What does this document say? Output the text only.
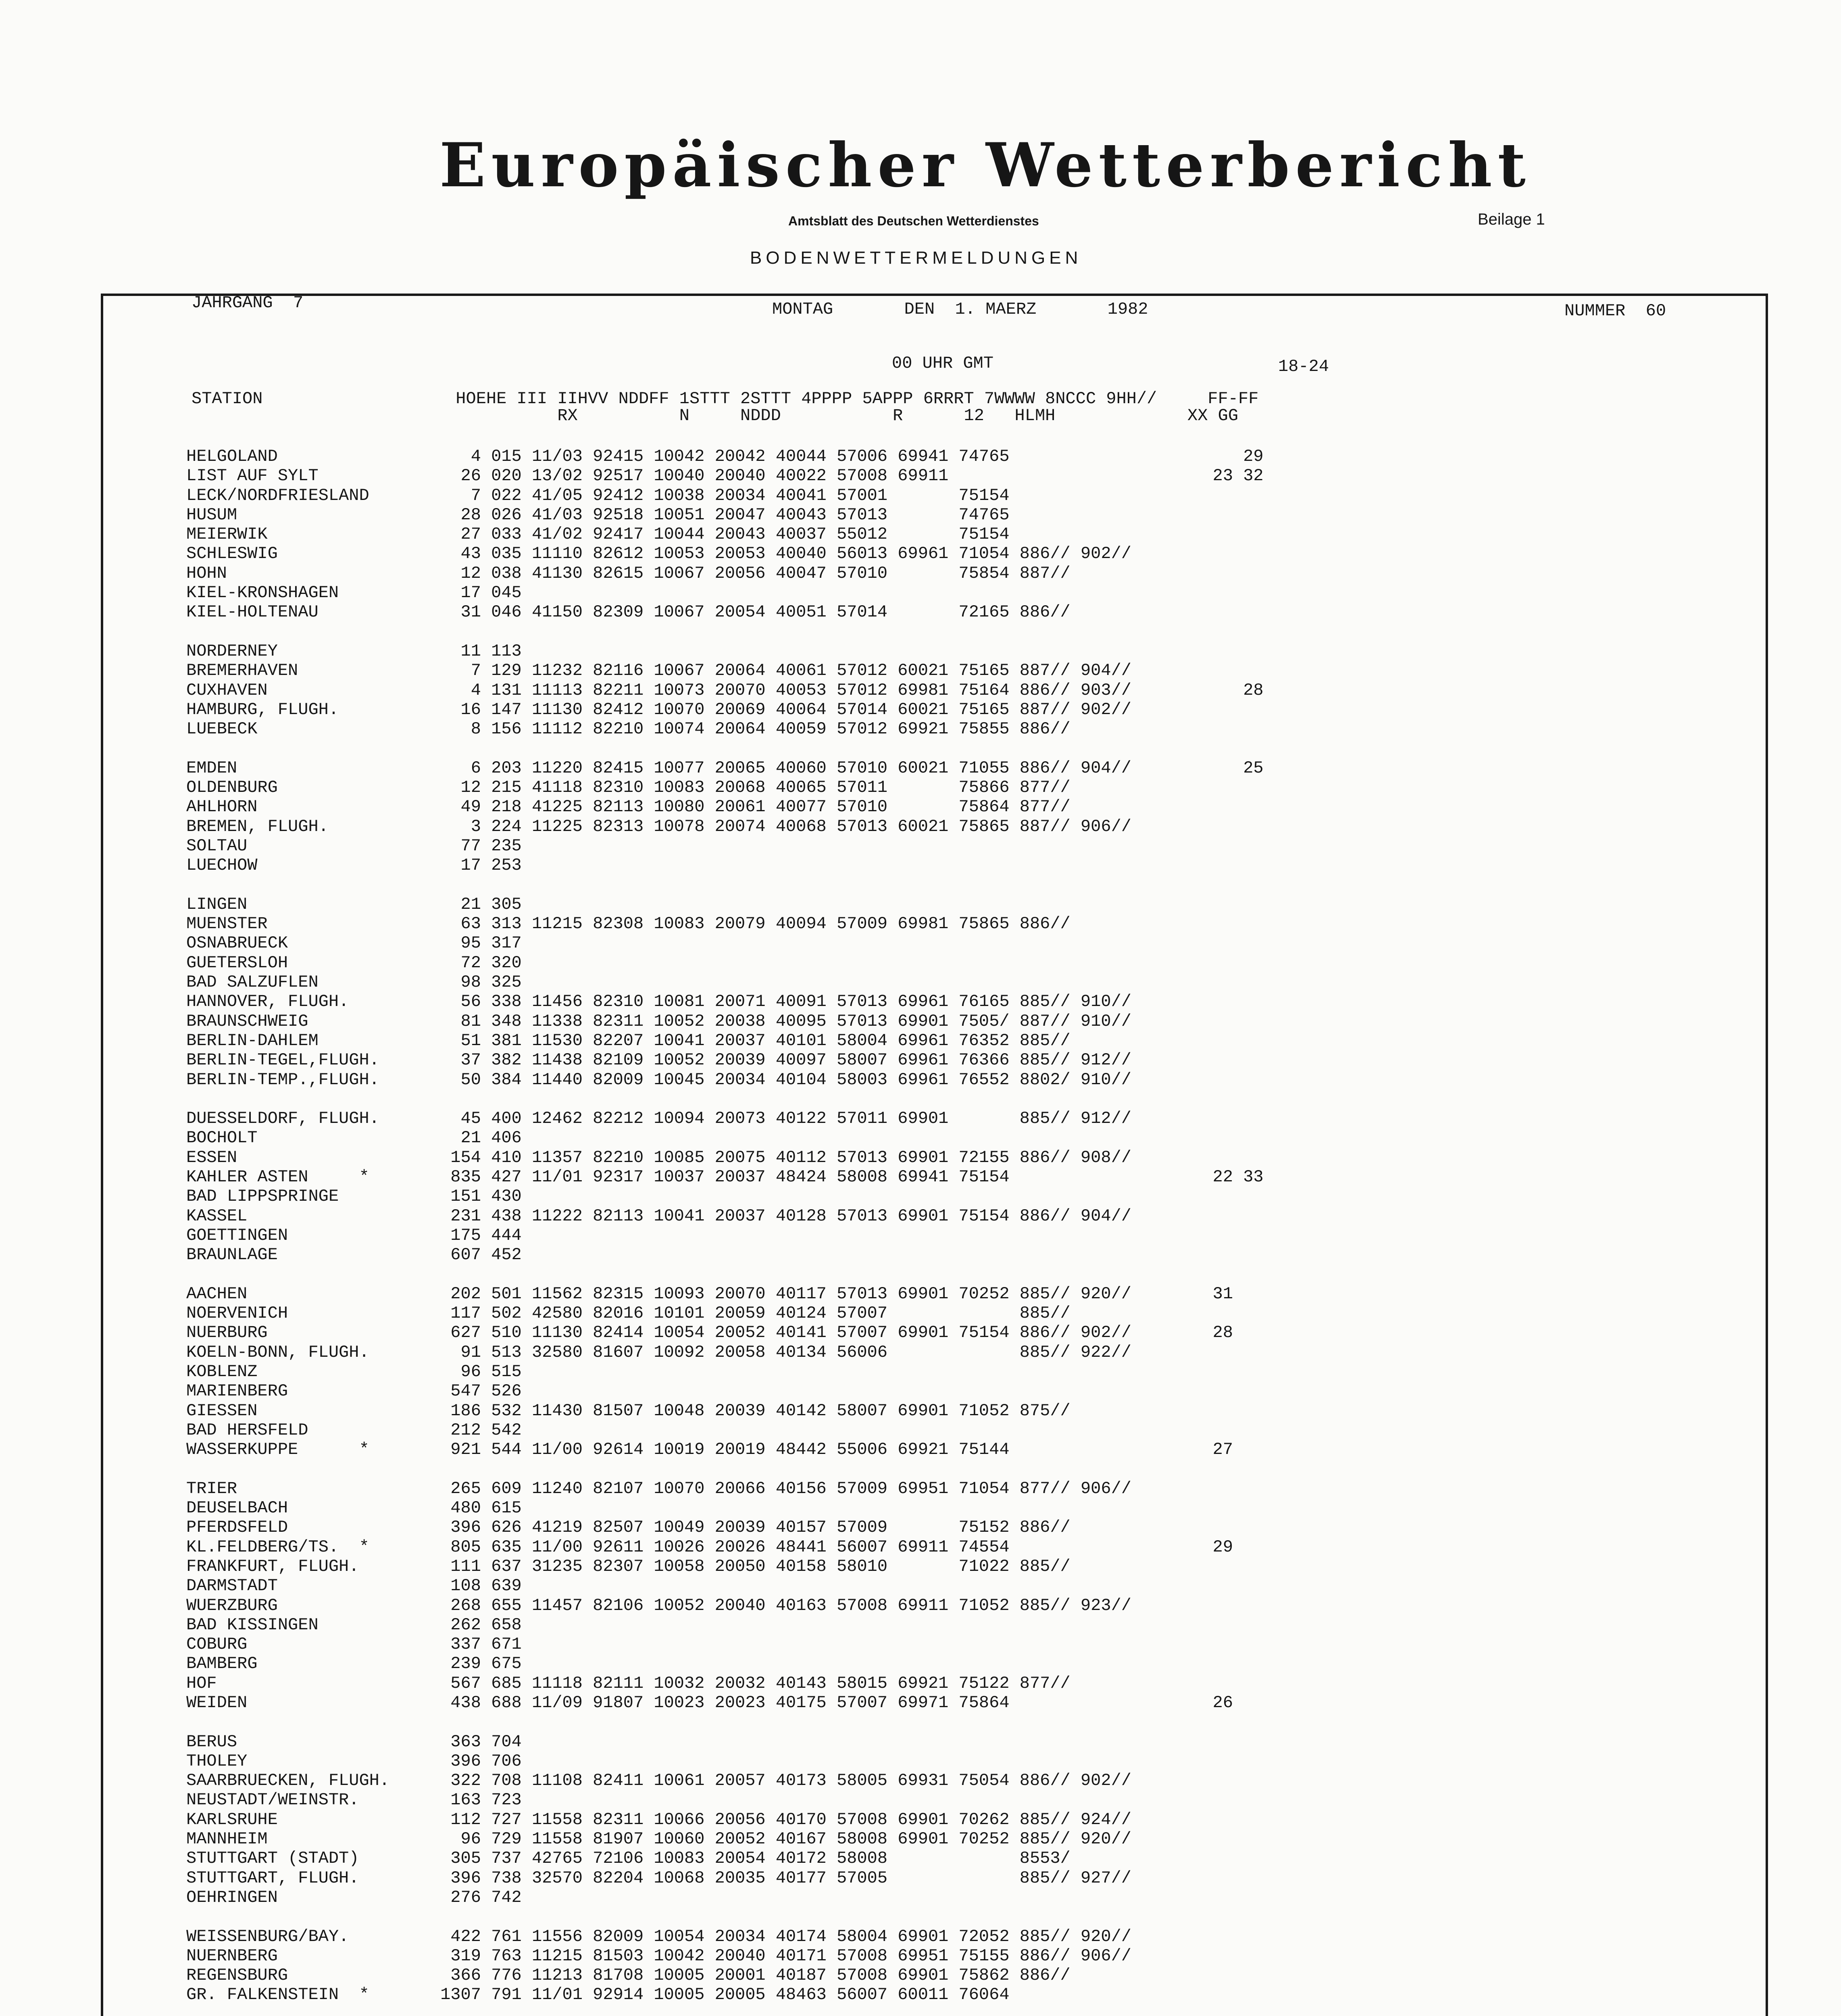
Europäischer Wetterbericht
Amtsblatt des Deutschen Wetterdienstes	Beilage 1
BODENWETTERMELDUNGEN
JAHRGANG  7	MONTAG       DEN  1. MAERZ       1982	NUMMER  60
00 UHR GMT	18-24
STATION                   HOEHE III IIHVV NDDFF 1STTT 2STTT 4PPPP 5APPP 6RRRT 7WWWW 8NCCC 9HH//     FF-FF
RX          N     NDDD           R      12   HLMH             XX GG
HELGOLAND                   4 015 11/03 92415 10042 20042 40044 57006 69941 74765                       29
LIST AUF SYLT              26 020 13/02 92517 10040 20040 40022 57008 69911                          23 32
LECK/NORDFRIESLAND          7 022 41/05 92412 10038 20034 40041 57001       75154
HUSUM                      28 026 41/03 92518 10051 20047 40043 57013       74765
MEIERWIK                   27 033 41/02 92417 10044 20043 40037 55012       75154
SCHLESWIG                  43 035 11110 82612 10053 20053 40040 56013 69961 71054 886// 902//
HOHN                       12 038 41130 82615 10067 20056 40047 57010       75854 887//
KIEL-KRONSHAGEN            17 045
KIEL-HOLTENAU              31 046 41150 82309 10067 20054 40051 57014       72165 886//

NORDERNEY                  11 113
BREMERHAVEN                 7 129 11232 82116 10067 20064 40061 57012 60021 75165 887// 904//
CUXHAVEN                    4 131 11113 82211 10073 20070 40053 57012 69981 75164 886// 903//           28
HAMBURG, FLUGH.            16 147 11130 82412 10070 20069 40064 57014 60021 75165 887// 902//
LUEBECK                     8 156 11112 82210 10074 20064 40059 57012 69921 75855 886//

EMDEN                       6 203 11220 82415 10077 20065 40060 57010 60021 71055 886// 904//           25
OLDENBURG                  12 215 41118 82310 10083 20068 40065 57011       75866 877//
AHLHORN                    49 218 41225 82113 10080 20061 40077 57010       75864 877//
BREMEN, FLUGH.              3 224 11225 82313 10078 20074 40068 57013 60021 75865 887// 906//
SOLTAU                     77 235
LUECHOW                    17 253

LINGEN                     21 305
MUENSTER                   63 313 11215 82308 10083 20079 40094 57009 69981 75865 886//
OSNABRUECK                 95 317
GUETERSLOH                 72 320
BAD SALZUFLEN              98 325
HANNOVER, FLUGH.           56 338 11456 82310 10081 20071 40091 57013 69961 76165 885// 910//
BRAUNSCHWEIG               81 348 11338 82311 10052 20038 40095 57013 69901 7505/ 887// 910//
BERLIN-DAHLEM              51 381 11530 82207 10041 20037 40101 58004 69961 76352 885//
BERLIN-TEGEL,FLUGH.        37 382 11438 82109 10052 20039 40097 58007 69961 76366 885// 912//
BERLIN-TEMP.,FLUGH.        50 384 11440 82009 10045 20034 40104 58003 69961 76552 8802/ 910//

DUESSELDORF, FLUGH.        45 400 12462 82212 10094 20073 40122 57011 69901       885// 912//
BOCHOLT                    21 406
ESSEN                     154 410 11357 82210 10085 20075 40112 57013 69901 72155 886// 908//
KAHLER ASTEN     *        835 427 11/01 92317 10037 20037 48424 58008 69941 75154                    22 33
BAD LIPPSPRINGE           151 430
KASSEL                    231 438 11222 82113 10041 20037 40128 57013 69901 75154 886// 904//
GOETTINGEN                175 444
BRAUNLAGE                 607 452

AACHEN                    202 501 11562 82315 10093 20070 40117 57013 69901 70252 885// 920//        31
NOERVENICH                117 502 42580 82016 10101 20059 40124 57007             885//
NUERBURG                  627 510 11130 82414 10054 20052 40141 57007 69901 75154 886// 902//        28
KOELN-BONN, FLUGH.         91 513 32580 81607 10092 20058 40134 56006             885// 922//
KOBLENZ                    96 515
MARIENBERG                547 526
GIESSEN                   186 532 11430 81507 10048 20039 40142 58007 69901 71052 875//
BAD HERSFELD              212 542
WASSERKUPPE      *        921 544 11/00 92614 10019 20019 48442 55006 69921 75144                    27

TRIER                     265 609 11240 82107 10070 20066 40156 57009 69951 71054 877// 906//
DEUSELBACH                480 615
PFERDSFELD                396 626 41219 82507 10049 20039 40157 57009       75152 886//
KL.FELDBERG/TS.  *        805 635 11/00 92611 10026 20026 48441 56007 69911 74554                    29
FRANKFURT, FLUGH.         111 637 31235 82307 10058 20050 40158 58010       71022 885//
DARMSTADT                 108 639
WUERZBURG                 268 655 11457 82106 10052 20040 40163 57008 69911 71052 885// 923//
BAD KISSINGEN             262 658
COBURG                    337 671
BAMBERG                   239 675
HOF                       567 685 11118 82111 10032 20032 40143 58015 69921 75122 877//
WEIDEN                    438 688 11/09 91807 10023 20023 40175 57007 69971 75864                    26

BERUS                     363 704
THOLEY                    396 706
SAARBRUECKEN, FLUGH.      322 708 11108 82411 10061 20057 40173 58005 69931 75054 886// 902//
NEUSTADT/WEINSTR.         163 723
KARLSRUHE                 112 727 11558 82311 10066 20056 40170 57008 69901 70262 885// 924//
MANNHEIM                   96 729 11558 81907 10060 20052 40167 58008 69901 70252 885// 920//
STUTTGART (STADT)         305 737 42765 72106 10083 20054 40172 58008             8553/
STUTTGART, FLUGH.         396 738 32570 82204 10068 20035 40177 57005             885// 927//
OEHRINGEN                 276 742

WEISSENBURG/BAY.          422 761 11556 82009 10054 20034 40174 58004 69901 72052 885// 920//
NUERNBERG                 319 763 11215 81503 10042 20040 40171 57008 69951 75155 886// 906//
REGENSBURG                366 776 11213 81708 10005 20001 40187 57008 69901 75862 886//
GR. FALKENSTEIN  *       1307 791 11/01 92914 10005 20005 48463 56007 60011 76064
